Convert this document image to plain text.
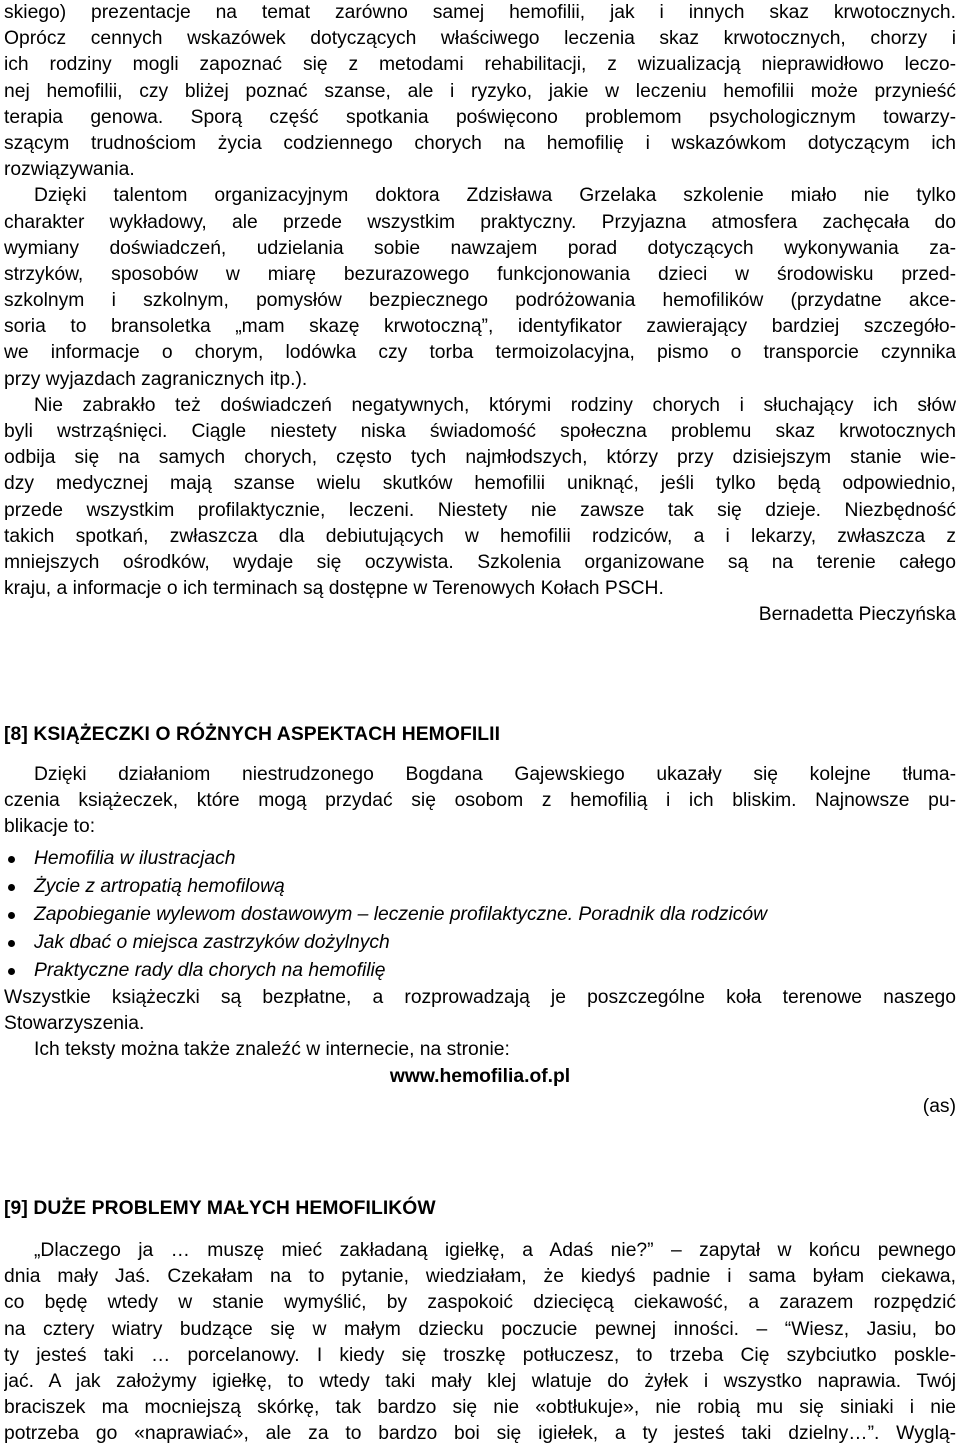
skiego) prezentacje na temat zarówno samej hemofilii, jak i innych skaz krwotocznych.
Oprócz cennych wskazówek dotyczących właściwego leczenia skaz krwotocznych, chorzy i
ich rodziny mogli zapoznać się z metodami rehabilitacji, z wizualizacją nieprawidłowo leczo-
nej hemofilii, czy bliżej poznać szanse, ale i ryzyko, jakie w leczeniu hemofilii może przynieść
terapia genowa. Sporą część spotkania poświęcono problemom psychologicznym towarzy-
szącym trudnościom życia codziennego chorych na hemofilię i wskazówkom dotyczącym ich
rozwiązywania.
Dzięki talentom organizacyjnym doktora Zdzisława Grzelaka szkolenie miało nie tylko
charakter wykładowy, ale przede wszystkim praktyczny. Przyjazna atmosfera zachęcała do
wymiany doświadczeń, udzielania sobie nawzajem porad dotyczących wykonywania za-
strzyków, sposobów w miarę bezurazowego funkcjonowania dzieci w środowisku przed-
szkolnym i szkolnym, pomysłów bezpiecznego podróżowania hemofilików (przydatne akce-
soria to bransoletka „mam skazę krwotoczną”, identyfikator zawierający bardziej szczegóło-
we informacje o chorym, lodówka czy torba termoizolacyjna, pismo o transporcie czynnika
przy wyjazdach zagranicznych itp.).
Nie zabrakło też doświadczeń negatywnych, którymi rodziny chorych i słuchający ich słów
byli wstrząśnięci. Ciągle niestety niska świadomość społeczna problemu skaz krwotocznych
odbija się na samych chorych, często tych najmłodszych, którzy przy dzisiejszym stanie wie-
dzy medycznej mają szanse wielu skutków hemofilii uniknąć, jeśli tylko będą odpowiednio,
przede wszystkim profilaktycznie, leczeni. Niestety nie zawsze tak się dzieje. Niezbędność
takich spotkań, zwłaszcza dla debiutujących w hemofilii rodziców, a i lekarzy, zwłaszcza z
mniejszych ośrodków, wydaje się oczywista. Szkolenia organizowane są na terenie całego
kraju, a informacje o ich terminach są dostępne w Terenowych Kołach PSCH.
Bernadetta Pieczyńska
[8] KSIĄŻECZKI O RÓŻNYCH ASPEKTACH HEMOFILII
Dzięki działaniom niestrudzonego Bogdana Gajewskiego ukazały się kolejne tłuma-
czenia książeczek, które mogą przydać się osobom z hemofilią i ich bliskim. Najnowsze pu-
blikacje to:
Hemofilia w ilustracjach
Życie z artropatią hemofilową
Zapobieganie wylewom dostawowym – leczenie profilaktyczne. Poradnik dla rodziców
Jak dbać o miejsca zastrzyków dożylnych
Praktyczne rady dla chorych na hemofilię
Wszystkie książeczki są bezpłatne, a rozprowadzają je poszczególne koła terenowe naszego
Stowarzyszenia.
Ich teksty można także znaleźć w internecie, na stronie:
www.hemofilia.of.pl
(as)
[9] DUŻE PROBLEMY MAŁYCH HEMOFILIKÓW
„Dlaczego ja … muszę mieć zakładaną igiełkę, a Adaś nie?” – zapytał w końcu pewnego
dnia mały Jaś. Czekałam na to pytanie, wiedziałam, że kiedyś padnie i sama byłam ciekawa,
co będę wtedy w stanie wymyślić, by zaspokoić dziecięcą ciekawość, a zarazem rozpędzić
na cztery wiatry budzące się w małym dziecku poczucie pewnej inności. – “Wiesz, Jasiu, bo
ty jesteś taki … porcelanowy. I kiedy się troszkę potłuczesz, to trzeba Cię szybciutko poskle-
jać. A jak założymy igiełkę, to wtedy taki mały klej wlatuje do żyłek i wszystko naprawia. Twój
braciszek ma mocniejszą skórkę, tak bardzo się nie «obtłukuje», nie robią mu się siniaki i nie
potrzeba go «naprawiać», ale za to bardzo boi się igiełek, a ty jesteś taki dzielny…”. Wyglą-
